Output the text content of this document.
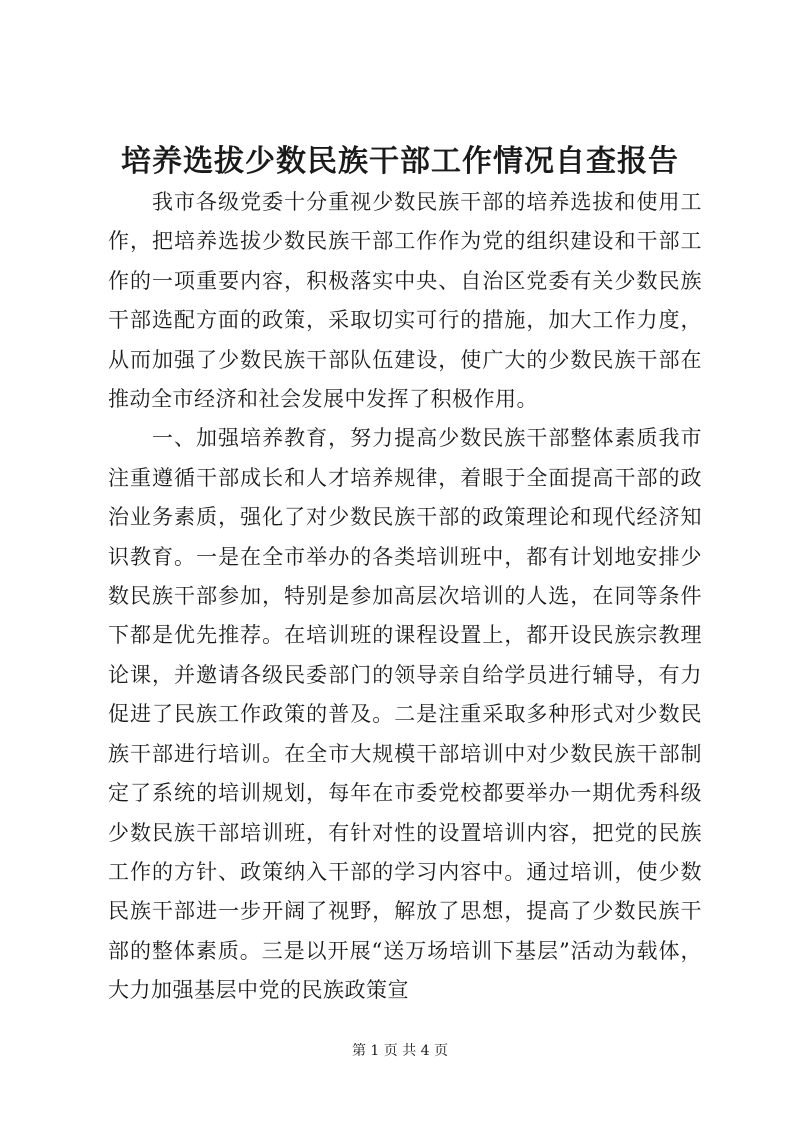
培养选拔少数民族干部工作情况自查报告

我市各级党委十分重视少数民族干部的培养选拔和使用工作，把培养选拔少数民族干部工作作为党的组织建设和干部工作的一项重要内容，积极落实中央、自治区党委有关少数民族干部选配方面的政策，采取切实可行的措施，加大工作力度，从而加强了少数民族干部队伍建设，使广大的少数民族干部在推动全市经济和社会发展中发挥了积极作用。

一、加强培养教育，努力提高少数民族干部整体素质我市注重遵循干部成长和人才培养规律，着眼于全面提高干部的政治业务素质，强化了对少数民族干部的政策理论和现代经济知识教育。一是在全市举办的各类培训班中，都有计划地安排少数民族干部参加，特别是参加高层次培训的人选，在同等条件下都是优先推荐。在培训班的课程设置上，都开设民族宗教理论课，并邀请各级民委部门的领导亲自给学员进行辅导，有力促进了民族工作政策的普及。二是注重采取多种形式对少数民族干部进行培训。在全市大规模干部培训中对少数民族干部制定了系统的培训规划，每年在市委党校都要举办一期优秀科级少数民族干部培训班，有针对性的设置培训内容，把党的民族工作的方针、政策纳入干部的学习内容中。通过培训，使少数民族干部进一步开阔了视野，解放了思想，提高了少数民族干部的整体素质。三是以开展“送万场培训下基层”活动为载体，大力加强基层中党的民族政策宣

第 1 页 共 4 页
